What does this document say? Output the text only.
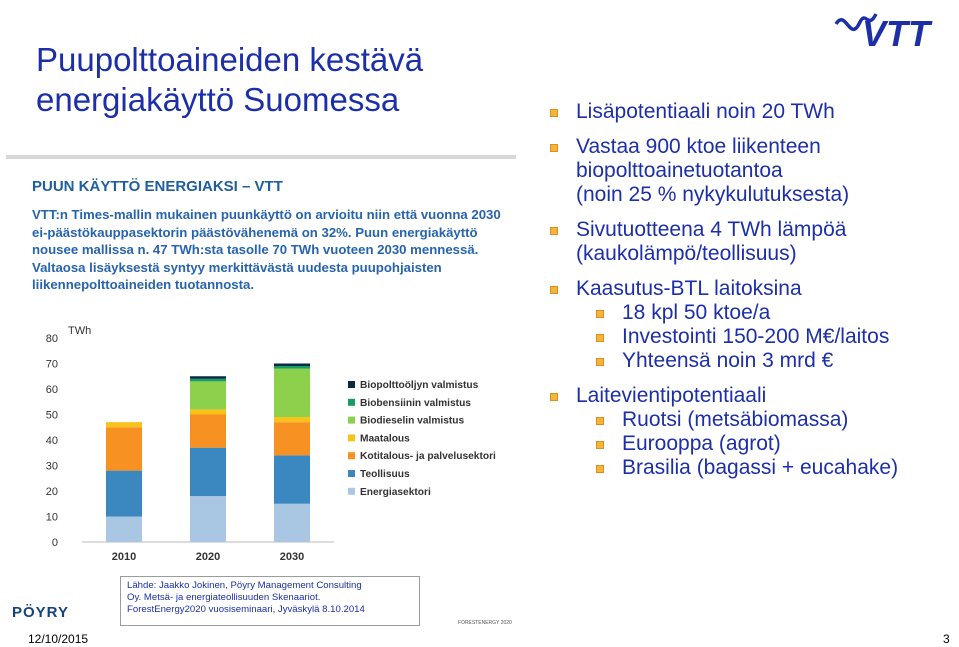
Puupolttoaineiden kestävä energiakäyttö Suomessa
VTT
PUUN KÄYTTÖ ENERGIAKSI – VTT
VTT:n Times-mallin mukainen puunkäyttö on arvioitu niin että vuonna 2030 ei-päästökauppasektorin päästövähenemä on 32%. Puun energiakäyttö nousee mallissa n. 47 TWh:sta tasolle 70 TWh vuoteen 2030 mennessä. Valtaosa lisäyksestä syntyy merkittävästä uudesta puupohjaisten liikennepolttoaineiden tuotannosta.
TWh
0
10
20
30
40
50
60
70
80
2010	2020	2030
Biopolttoöljyn valmistus
Biobensiinin valmistus
Biodieselin valmistus
Maatalous
Kotitalous- ja palvelusektori
Teollisuus
Energiasektori
Lähde: Jaakko Jokinen, Pöyry Management Consulting
Oy. Metsä- ja energiateollisuuden Skenaariot.
ForestEnergy2020 vuosiseminaari, Jyväskylä 8.10.2014
PÖYRY
FORESTENERGY 2020
Lisäpotentiaali noin 20 TWh
Vastaa 900 ktoe liikenteen
biopolttoainetuotantoa
(noin 25 % nykykulutuksesta)
Sivutuotteena 4 TWh lämpöä
(kaukolämpö/teollisuus)
Kaasutus-BTL laitoksina
18 kpl 50 ktoe/a
Investointi 150-200 M€/laitos
Yhteensä noin 3 mrd €
Laitevientipotentiaali
Ruotsi (metsäbiomassa)
Eurooppa (agrot)
Brasilia (bagassi + eucahake)
12/10/2015	3
